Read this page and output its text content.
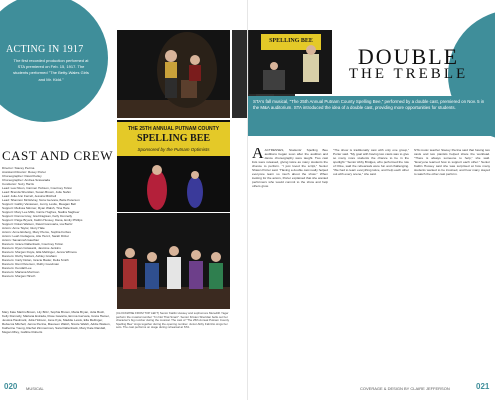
ACTING IN 1917
The first recorded production performed at STA premiered on Feb. 15, 1917. The students performed "The Betty-Wales Girls and Mr. Kidd."
CAST AND CREW
Director: Stacey Pecina
Assistant Director: Rosey Porter
Choreographer: David Kelley
Choreographer: Andrea Scavarada
Conductor: Suzy Harris
Lead: Lea Nixon, Carmen Hobson, Courtney Tolton
Lead: Brenda Sheridan, Susan Brown, Julie Nahm
Lead: Julie Ann Farrell, Jessica Mitchell
Lead: Shannon McGilvray, Nora Gervara, Belle Peterson
Support: Gabby Vanassen, Jenny Leslie, Meagan Bell
Support: Melissa Skinner, Ryan Walsh, Tina Hare
Support: Mary Lee Mills, Carrie Hughes, Nadira Sagheer
Support: Donna Gray, Gia Dragisan, Kelly Donnelly
Support: Paige Bryant, Kaitlin Hussey, Dana, Emily Phillips
Support: Dolan Watson, David Gorovaria, Lia Bertiz
Actors: Anne Taylor, Glory Hale
Actors: Anne Eisberg, Mary Pierce, Sophia Forbes
Actors: Leah Cudagone, Alie Hercz, Sarah Ditzer
Actors: Savannah Gauthier
Dancers: Grace Dallenback, Courtney Tolton
Dancers: Ryan Colasanti, Jasmine Jenkins
Dancers: Morgan Doyle, Ella Mellinger, Jenna Wilmore
Dancers: Ruthy Nattoni, Ashley Graham
Dancers: Carly Dolan, Gracie Bader, Delia Smith
Dancers: Reni Peterson, Ruthy Goodman
Dancers: Kendall Lee
Dancers: Mariana Morrison
Dancers: Morgan Hirsch
Mary Kate Martin-Brown, Lily Britz, Sophia Brown, Maria Bryan, Julia Bush, Kelly Donnelly, Mariana Estrada, Rose Gavarra, Emma Gervara, Greta Hamer, Jessica Haulmark, Julia Hobson, Jane Kyle, Maddie Lewis, Ella Mellinger, Rebecca Mitchell, Jenna Pecina, Maureen Walsh, Nicole Walsh, Addie Watson, Katherine Young, Rachel Zimmerman, Sara Dallenback, Mary Kate Randall, Megan Riley, Gabbie Roberts
THE 25TH ANNUAL PUTNAM COUNTY
SPELLING BEE
Sponsored by the Putnam Optimists
(CLOCKWISE FROM TOP LEFT) Senior Kaitlin Hussey and sophomore Meredith Yager perform the musical number "I'm Not That Smart". Senior Kristen Sheridan belts out her character's big number during the musical. The cast of "The 25th Annual Putnam County Spelling Bee" sings together during the opening number. Junior Abby Fabrizio sings her solo. The cast performs on stage during rehearsal at STA.
020 MUSICAL
SPELLING BEE
DOUBLE
THE TREBLE
STA's fall musical, "The 25th Annual Putnam County Spelling Bee," performed by a double cast, premiered on Nov. 5 in the M&A auditorium. STA introduced the idea of a double cast, providing more opportunities for students.
A ACTRESSES, Students' Spelling Bee auditions began soon after the audition and dance choreography were taught. Two cast lists were released, giving twice as many students the chance to perform. "I just loved the script," Senior Shawn Porter said. "Having a double cast really helped everyone learn so much about the show." When looking for the actors, Porter explained that she wanted performers who would commit to the show and help others grow.
"The show is traditionally cast with only one group," Porter said. "My goal with having two casts was to give so many more students the chance to be in the spotlight." Senior Abby Bridges, who performed the role of Olive, said the rehearsals were fun and challenging. "We had to learn everything twice, and help each other out with every scene," she said.
STA music teacher Stacey Pecina said that having two casts and two pianists helped share the workload. "There is always someone to help," she said. "Everyone learned how to support each other." Senior Kaitlin Hussey said she was surprised at how many students wanted to be involved, and how many stayed to watch the other cast perform.
COVERAGE & DESIGN BY CLAIRE JEFFERSON	021
